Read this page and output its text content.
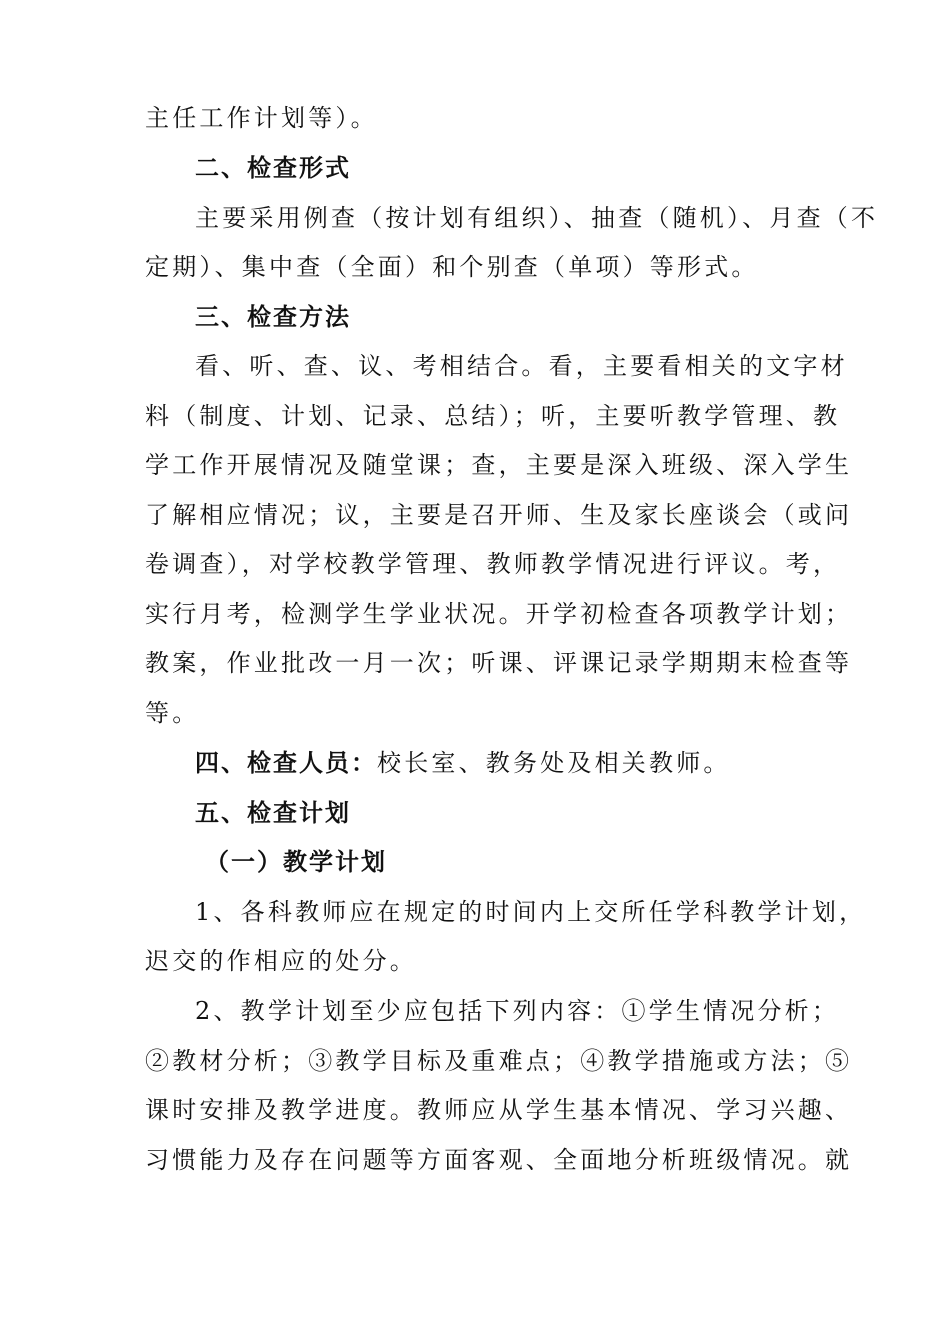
主任工作计划等）。
二、检查形式
主要采用例查（按计划有组织）、抽查（随机）、月查（不
定期）、集中查（全面）和个别查（单项）等形式。
三、检查方法
看、听、查、议、考相结合。看，主要看相关的文字材
料（制度、计划、记录、总结）；听，主要听教学管理、教
学工作开展情况及随堂课；查，主要是深入班级、深入学生
了解相应情况；议，主要是召开师、生及家长座谈会（或问
卷调查），对学校教学管理、教师教学情况进行评议。考，
实行月考，检测学生学业状况。开学初检查各项教学计划；
教案，作业批改一月一次；听课、评课记录学期期末检查等
等。
四、检查人员：校长室、教务处及相关教师。
五、检查计划
（一）教学计划
1、各科教师应在规定的时间内上交所任学科教学计划，
迟交的作相应的处分。
2、教学计划至少应包括下列内容：①学生情况分析；
②教材分析；③教学目标及重难点；④教学措施或方法；⑤
课时安排及教学进度。教师应从学生基本情况、学习兴趣、
习惯能力及存在问题等方面客观、全面地分析班级情况。就
